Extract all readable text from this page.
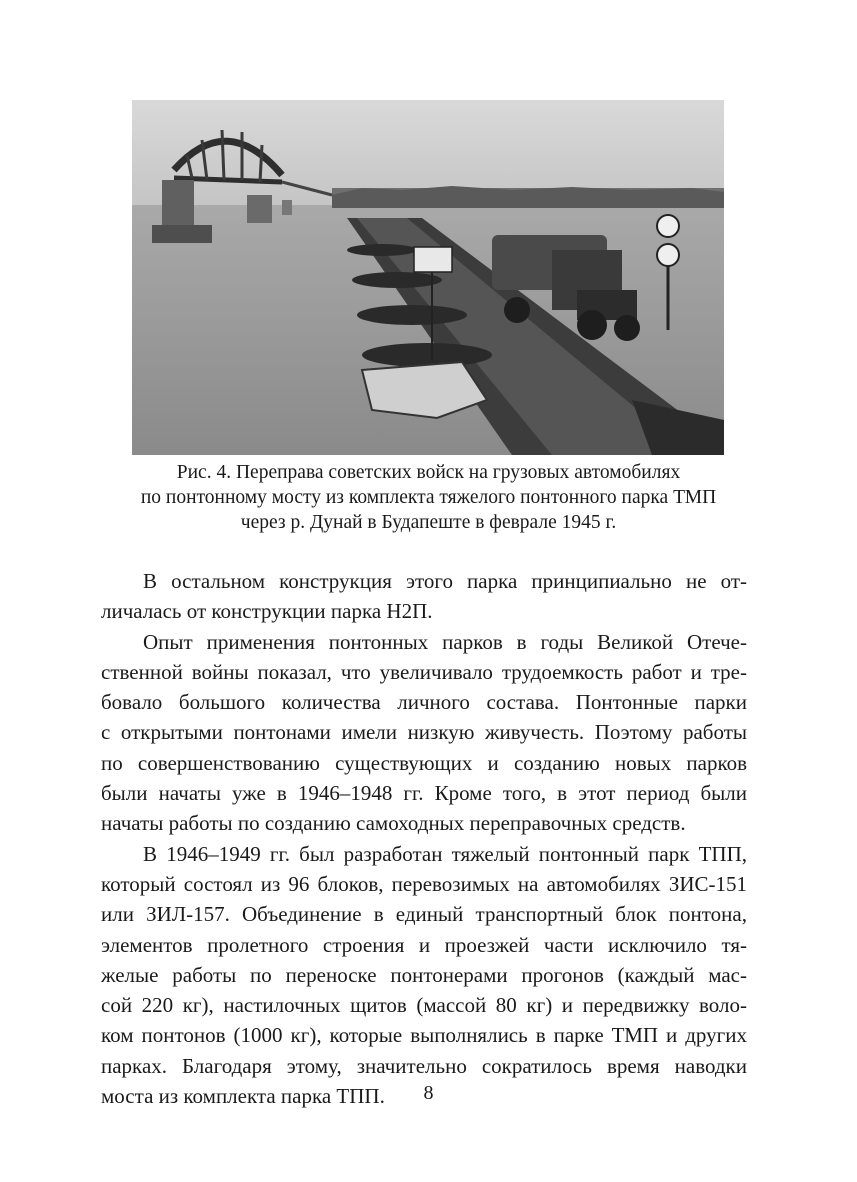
Рис. 4. Переправа советских войск на грузовых автомобилях
по понтонному мосту из комплекта тяжелого понтонного парка ТМП
через р. Дунай в Будапеште в феврале 1945 г.
В остальном конструкция этого парка принципиально не от-
личалась от конструкции парка Н2П.
Опыт применения понтонных парков в годы Великой Отече-
ственной войны показал, что увеличивало трудоемкость работ и тре-
бовало большого количества личного состава. Понтонные парки
с открытыми понтонами имели низкую живучесть. Поэтому работы
по совершенствованию существующих и созданию новых парков
были начаты уже в 1946–1948 гг. Кроме того, в этот период были
начаты работы по созданию самоходных переправочных средств.
В 1946–1949 гг. был разработан тяжелый понтонный парк ТПП,
который состоял из 96 блоков, перевозимых на автомобилях ЗИС-151
или ЗИЛ-157. Объединение в единый транспортный блок понтона,
элементов пролетного строения и проезжей части исключило тя-
желые работы по переноске понтонерами прогонов (каждый мас-
сой 220 кг), настилочных щитов (массой 80 кг) и передвижку воло-
ком понтонов (1000 кг), которые выполнялись в парке ТМП и других
парках. Благодаря этому, значительно сократилось время наводки
моста из комплекта парка ТПП.	8
